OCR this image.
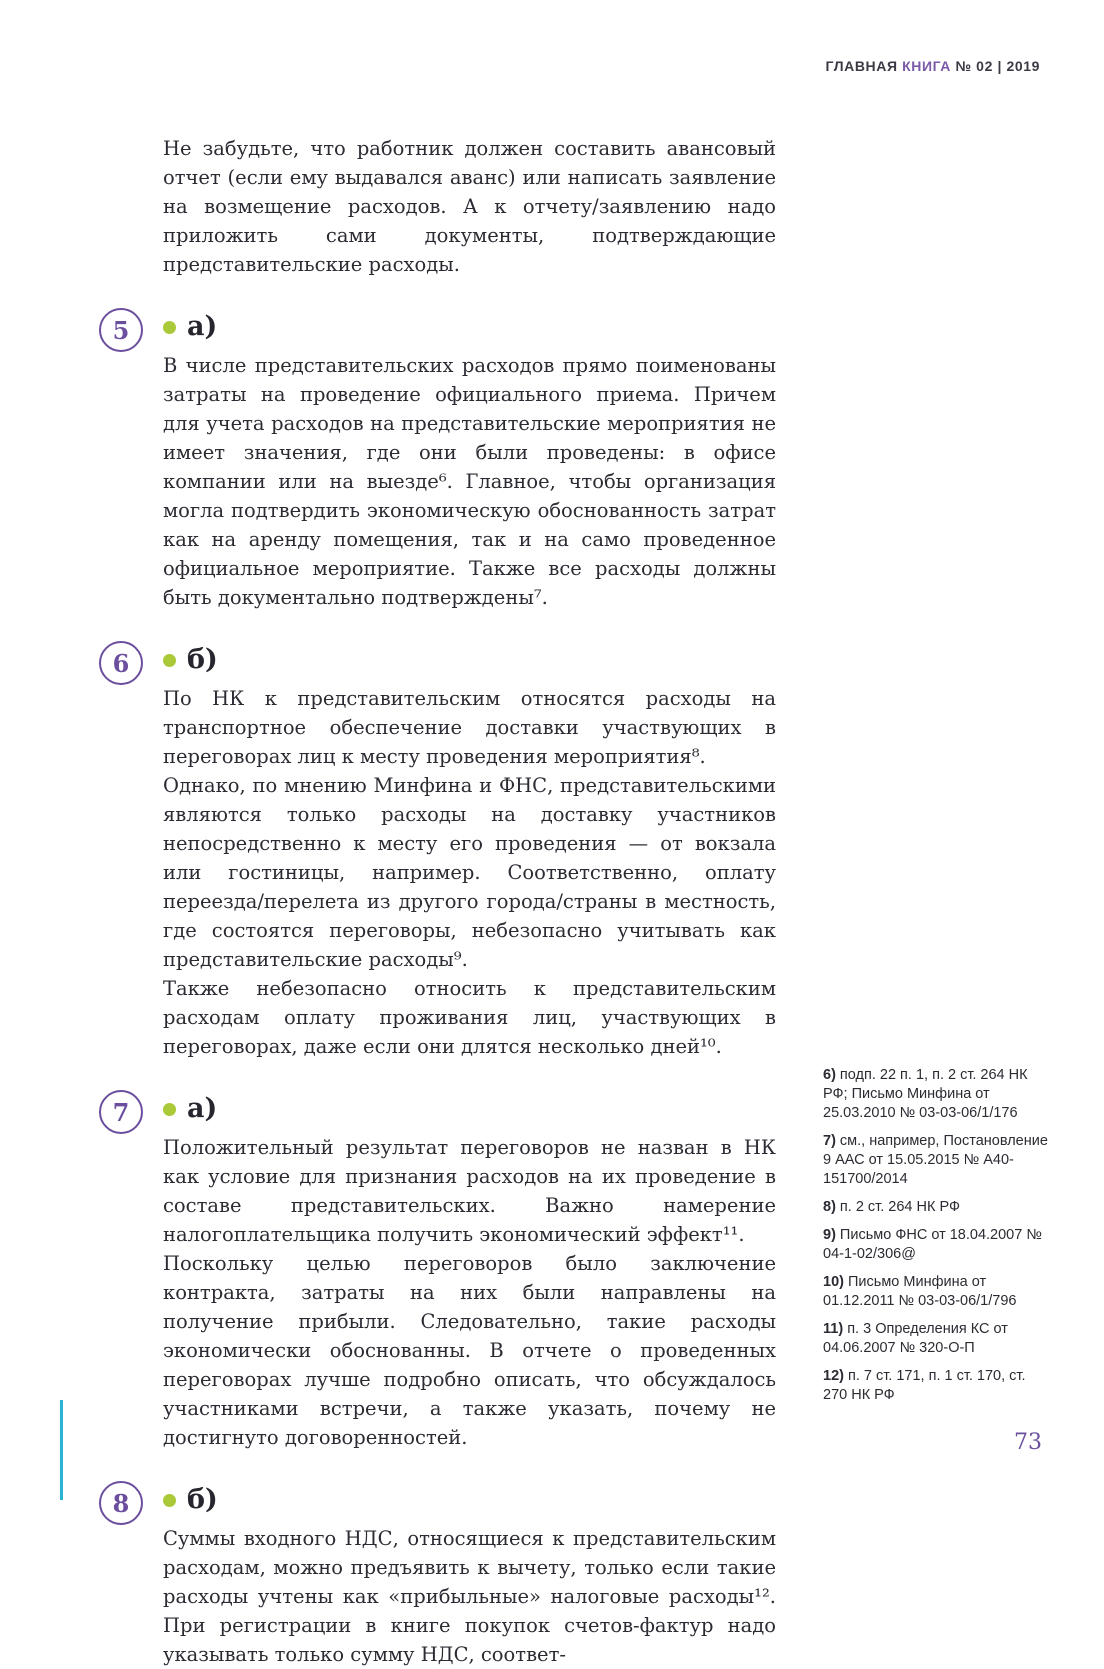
ГЛАВНАЯ КНИГА № 02 | 2019

Не забудьте, что работник должен составить авансовый отчет (если ему выдавался аванс) или написать заявление на возмещение расходов. А к отчету/заявлению надо приложить сами документы, подтверждающие представительские расходы.

5	а)

В числе представительских расходов прямо поименованы затраты на проведение официального приема. Причем для учета расходов на представительские мероприятия не имеет значения, где они были проведены: в офисе компании или на выезде⁶. Главное, чтобы организация могла подтвердить экономическую обоснованность затрат как на аренду помещения, так и на само проведенное официальное мероприятие. Также все расходы должны быть документально подтверждены⁷.

6	б)

По НК к представительским относятся расходы на транспортное обеспечение доставки участвующих в переговорах лиц к месту проведения мероприятия⁸.

Однако, по мнению Минфина и ФНС, представительскими являются только расходы на доставку участников непосредственно к месту его проведения — от вокзала или гостиницы, например. Соответственно, оплату переезда/перелета из другого города/страны в местность, где состоятся переговоры, небезопасно учитывать как представительские расходы⁹.

Также небезопасно относить к представительским расходам оплату проживания лиц, участвующих в переговорах, даже если они длятся несколько дней¹⁰.

7	а)

Положительный результат переговоров не назван в НК как условие для признания расходов на их проведение в составе представительских. Важно намерение налогоплательщика получить экономический эффект¹¹.

Поскольку целью переговоров было заключение контракта, затраты на них были направлены на получение прибыли. Следовательно, такие расходы экономически обоснованны. В отчете о проведенных переговорах лучше подробно описать, что обсуждалось участниками встречи, а также указать, почему не достигнуто договоренностей.

8	б)

Суммы входного НДС, относящиеся к представительским расходам, можно предъявить к вычету, только если такие расходы учтены как «прибыльные» налоговые расходы¹². При регистрации в книге покупок счетов-фактур надо указывать только сумму НДС, соответ-

6) подп. 22 п. 1, п. 2 ст. 264 НК РФ; Письмо Минфина от 25.03.2010 № 03-03-06/1/176
7) см., например, Постановление 9 ААС от 15.05.2015 № А40-151700/2014
8) п. 2 ст. 264 НК РФ
9) Письмо ФНС от 18.04.2007 № 04-1-02/306@
10) Письмо Минфина от 01.12.2011 № 03-03-06/1/796
11) п. 3 Определения КС от 04.06.2007 № 320-О-П
12) п. 7 ст. 171, п. 1 ст. 170, ст. 270 НК РФ
73
